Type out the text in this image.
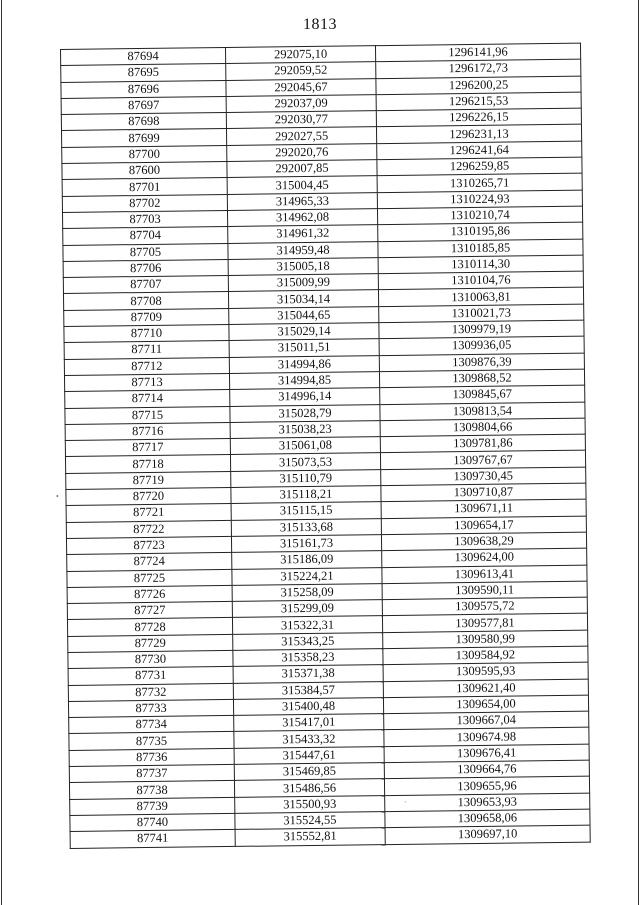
1813
87694	292075,10	1296141,96
87695	292059,52	1296172,73
87696	292045,67	1296200,25
87697	292037,09	1296215,53
87698	292030,77	1296226,15
87699	292027,55	1296231,13
87700	292020,76	1296241,64
87600	292007,85	1296259,85
87701	315004,45	1310265,71
87702	314965,33	1310224,93
87703	314962,08	1310210,74
87704	314961,32	1310195,86
87705	314959,48	1310185,85
87706	315005,18	1310114,30
87707	315009,99	1310104,76
87708	315034,14	1310063,81
87709	315044,65	1310021,73
87710	315029,14	1309979,19
87711	315011,51	1309936,05
87712	314994,86	1309876,39
87713	314994,85	1309868,52
87714	314996,14	1309845,67
87715	315028,79	1309813,54
87716	315038,23	1309804,66
87717	315061,08	1309781,86
87718	315073,53	1309767,67
87719	315110,79	1309730,45
87720	315118,21	1309710,87
87721	315115,15	1309671,11
87722	315133,68	1309654,17
87723	315161,73	1309638,29
87724	315186,09	1309624,00
87725	315224,21	1309613,41
87726	315258,09	1309590,11
87727	315299,09	1309575,72
87728	315322,31	1309577,81
87729	315343,25	1309580,99
87730	315358,23	1309584,92
87731	315371,38	1309595,93
87732	315384,57	1309621,40
87733	315400,48	1309654,00
87734	315417,01	1309667,04
87735	315433,32	1309674.98
87736	315447,61	1309676,41
87737	315469,85	1309664,76
87738	315486,56	1309655,96
87739	315500,93	1309653,93
87740	315524,55	1309658,06
87741	315552,81	1309697,10
•
`
